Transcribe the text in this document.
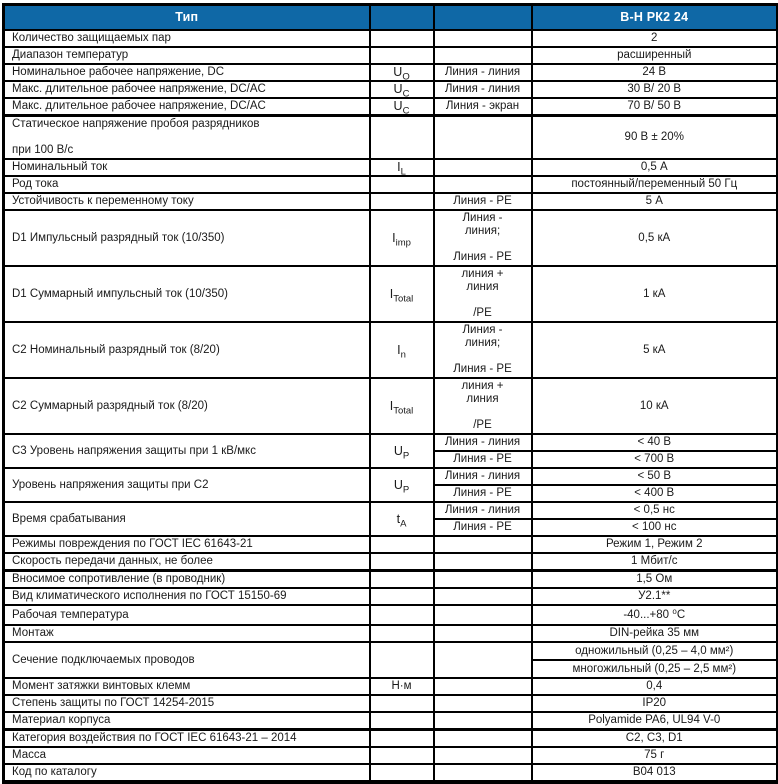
Тип			В-Н РК2 24
Количество защищаемых пар			2
Диапазон температур			расширенный
Номинальное рабочее напряжение, DC	$U_O$	Линия - линия	24 В
Макс. длительное рабочее напряжение, DC/AC	$U_C$	Линия - линия	30 В/ 20 В
Макс. длительное рабочее напряжение, DC/AC	$U_C$	Линия - экран	70 В/ 50 В
Статическое напряжение пробоя разрядников

при 100 В/с			90 В ± 20%
Номинальный ток	$I_L$		0,5 А
Род тока			постоянный/переменный 50 Гц
Устойчивость к переменному току		Линия - PE	5 А
D1 Импульсный разрядный ток (10/350)	$I_{imp}$	Линия -
линия;

Линия - PE	0,5 кА
D1 Суммарный импульсный ток (10/350)	$I_{Total}$	линия +
линия

/PE	1 кА
С2 Номинальный разрядный ток (8/20)	$I_n$	Линия -
линия;

Линия - PE	5 кА
С2 Суммарный разрядный ток (8/20)	$I_{Total}$	линия +
линия

/PE	10 кА
С3 Уровень напряжения защиты при 1 кВ/мкс	$U_P$	Линия - линия	< 40 В
		Линия - PE	< 700 В
Уровень напряжения защиты при С2	$U_P$	Линия - линия	< 50 В
		Линия - PE	< 400 В
Время срабатывания	$t_A$	Линия - линия	< 0,5 нс
		Линия - PE	< 100 нс
Режимы повреждения по ГОСТ IEC 61643-21			Режим 1, Режим 2
Скорость передачи данных, не более			1 Мбит/с
Вносимое сопротивление (в проводник)			1,5 Ом
Вид климатического исполнения по ГОСТ 15150-69			У2.1**
Рабочая температура			-40...+80 ⁰С
Монтаж			DIN-рейка 35 мм
Сечение подключаемых проводов			одножильный (0,25 – 4,0 мм²)
			многожильный (0,25 – 2,5 мм²)
Момент затяжки винтовых клемм	Н·м		0,4
Степень защиты по ГОСТ 14254-2015			IP20
Материал корпуса			Polyamide PA6, UL94 V-0
Категория воздействия по ГОСТ IEC 61643-21 – 2014			С2, С3, D1
Масса			75 г
Код по каталогу			B04 013
